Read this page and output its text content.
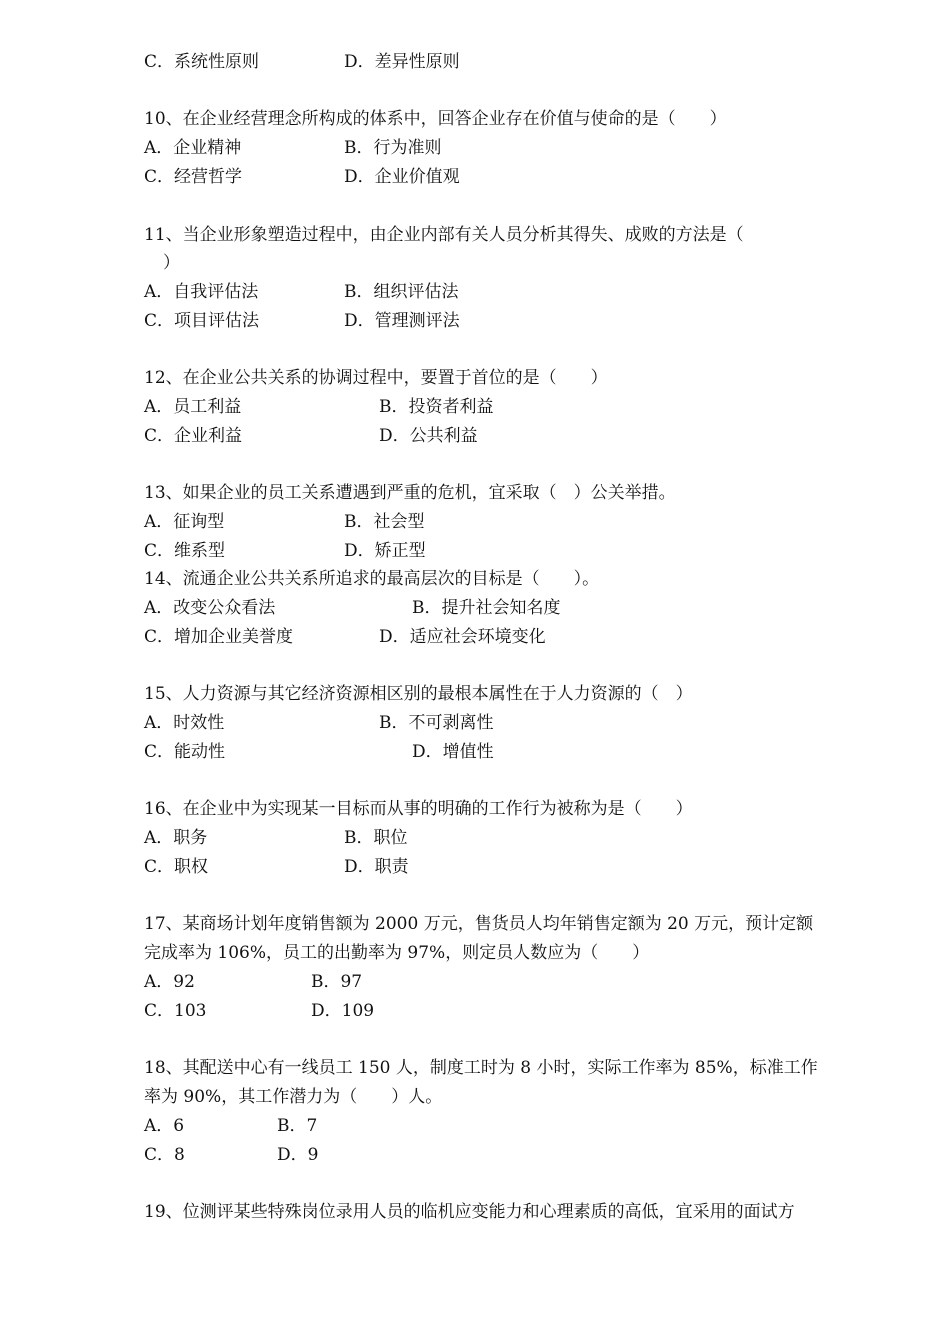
C．系统性原则	D．差异性原则
10、在企业经营理念所构成的体系中，回答企业存在价值与使命的是（　　）
A．企业精神	B．行为准则
C．经营哲学	D．企业价值观
11、当企业形象塑造过程中，由企业内部有关人员分析其得失、成败的方法是（
）
A．自我评估法	B．组织评估法
C．项目评估法	D．管理测评法
12、在企业公共关系的协调过程中，要置于首位的是（　　）
A．员工利益	B．投资者利益
C．企业利益	D．公共利益
13、如果企业的员工关系遭遇到严重的危机，宜采取（　）公关举措。
A．征询型	B．社会型
C．维系型	D．矫正型
14、流通企业公共关系所追求的最高层次的目标是（　　）。
A．改变公众看法	B．提升社会知名度
C．增加企业美誉度	D．适应社会环境变化
15、人力资源与其它经济资源相区别的最根本属性在于人力资源的（　）
A．时效性	B．不可剥离性
C．能动性	D．增值性
16、在企业中为实现某一目标而从事的明确的工作行为被称为是（　　）
A．职务	B．职位
C．职权	D．职责
17、某商场计划年度销售额为 2000 万元，售货员人均年销售定额为 20 万元，预计定额
完成率为 106%，员工的出勤率为 97%，则定员人数应为（　　）
A．92	B．97
C．103	D．109
18、其配送中心有一线员工 150 人，制度工时为 8 小时，实际工作率为 85%，标准工作
率为 90%，其工作潜力为（　　）人。
A．6	B．7
C．8	D．9
19、位测评某些特殊岗位录用人员的临机应变能力和心理素质的高低，宜采用的面试方
